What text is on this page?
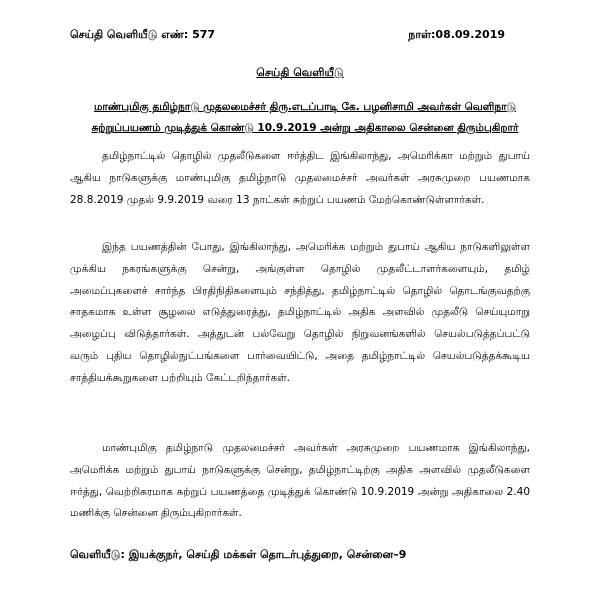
செய்தி வெளியீடு எண்: 577	நாள்:08.09.2019
செய்தி வெளியீடு
மாண்புமிகு தமிழ்நாடு முதலமைச்சர் திரு.எடப்பாடி கே. பழனிசாமி அவர்கள் வெளிநாடு சுற்றுப்பயணம் முடித்துக் கொண்டு 10.9.2019 அன்று அதிகாலை சென்னை திரும்புகிறார்

தமிழ்நாட்டில் தொழில் முதலீடுகளை ஈர்த்திட இங்கிலாந்து, அமெரிக்கா மற்றும் துபாய் ஆகிய நாடுகளுக்கு மாண்புமிகு தமிழ்நாடு முதலமைச்சர் அவர்கள் அரசுமுறை பயணமாக 28.8.2019 முதல் 9.9.2019 வரை 13 நாட்கள் சுற்றுப் பயணம் மேற்கொண்டுள்ளார்கள்.

இந்த பயணத்தின் போது, இங்கிலாந்து, அமெரிக்க மற்றும் துபாய் ஆகிய நாடுகளிலுள்ள முக்கிய நகரங்களுக்கு சென்று, அங்குள்ள தொழில் முதலீட்டாளர்களையும், தமிழ் அமைப்புகளைச் சார்ந்த பிரதிநிதிகளையும் சந்தித்து, தமிழ்நாட்டில் தொழில் தொடங்குவதற்கு சாதகமாக உள்ள சூழலை எடுத்துரைத்து, தமிழ்நாட்டில் அதிக அளவில் முதலீடு செய்யுமாறு அழைப்பு விடுத்தார்கள். அத்துடன் பல்வேறு தொழில் நிறுவனங்களில் செயல்படுத்தப்பட்டு வரும் புதிய தொழில்நுட்பங்களை பார்வையிட்டு, அதை தமிழ்நாட்டில் செயல்படுத்தக்கூடிய சாத்தியக்கூறுகளை பற்றியும் கேட்டறிந்தார்கள்.

மாண்புமிகு தமிழ்நாடு முதலமைச்சர் அவர்கள் அரசுமுறை பயணமாக இங்கிலாந்து, அமெரிக்க மற்றும் துபாய் நாடுகளுக்கு சென்று, தமிழ்நாட்டிற்கு அதிக அளவில் முதலீடுகளை ஈர்த்து, வெற்றிகரமாக சுற்றுப் பயணத்தை முடித்துக் கொண்டு 10.9.2019 அன்று அதிகாலை 2.40 மணிக்கு சென்னை திரும்புகிறார்கள்.

வெளியீடு: இயக்குநர், செய்தி மக்கள் தொடர்புத்துறை, சென்னை–9
